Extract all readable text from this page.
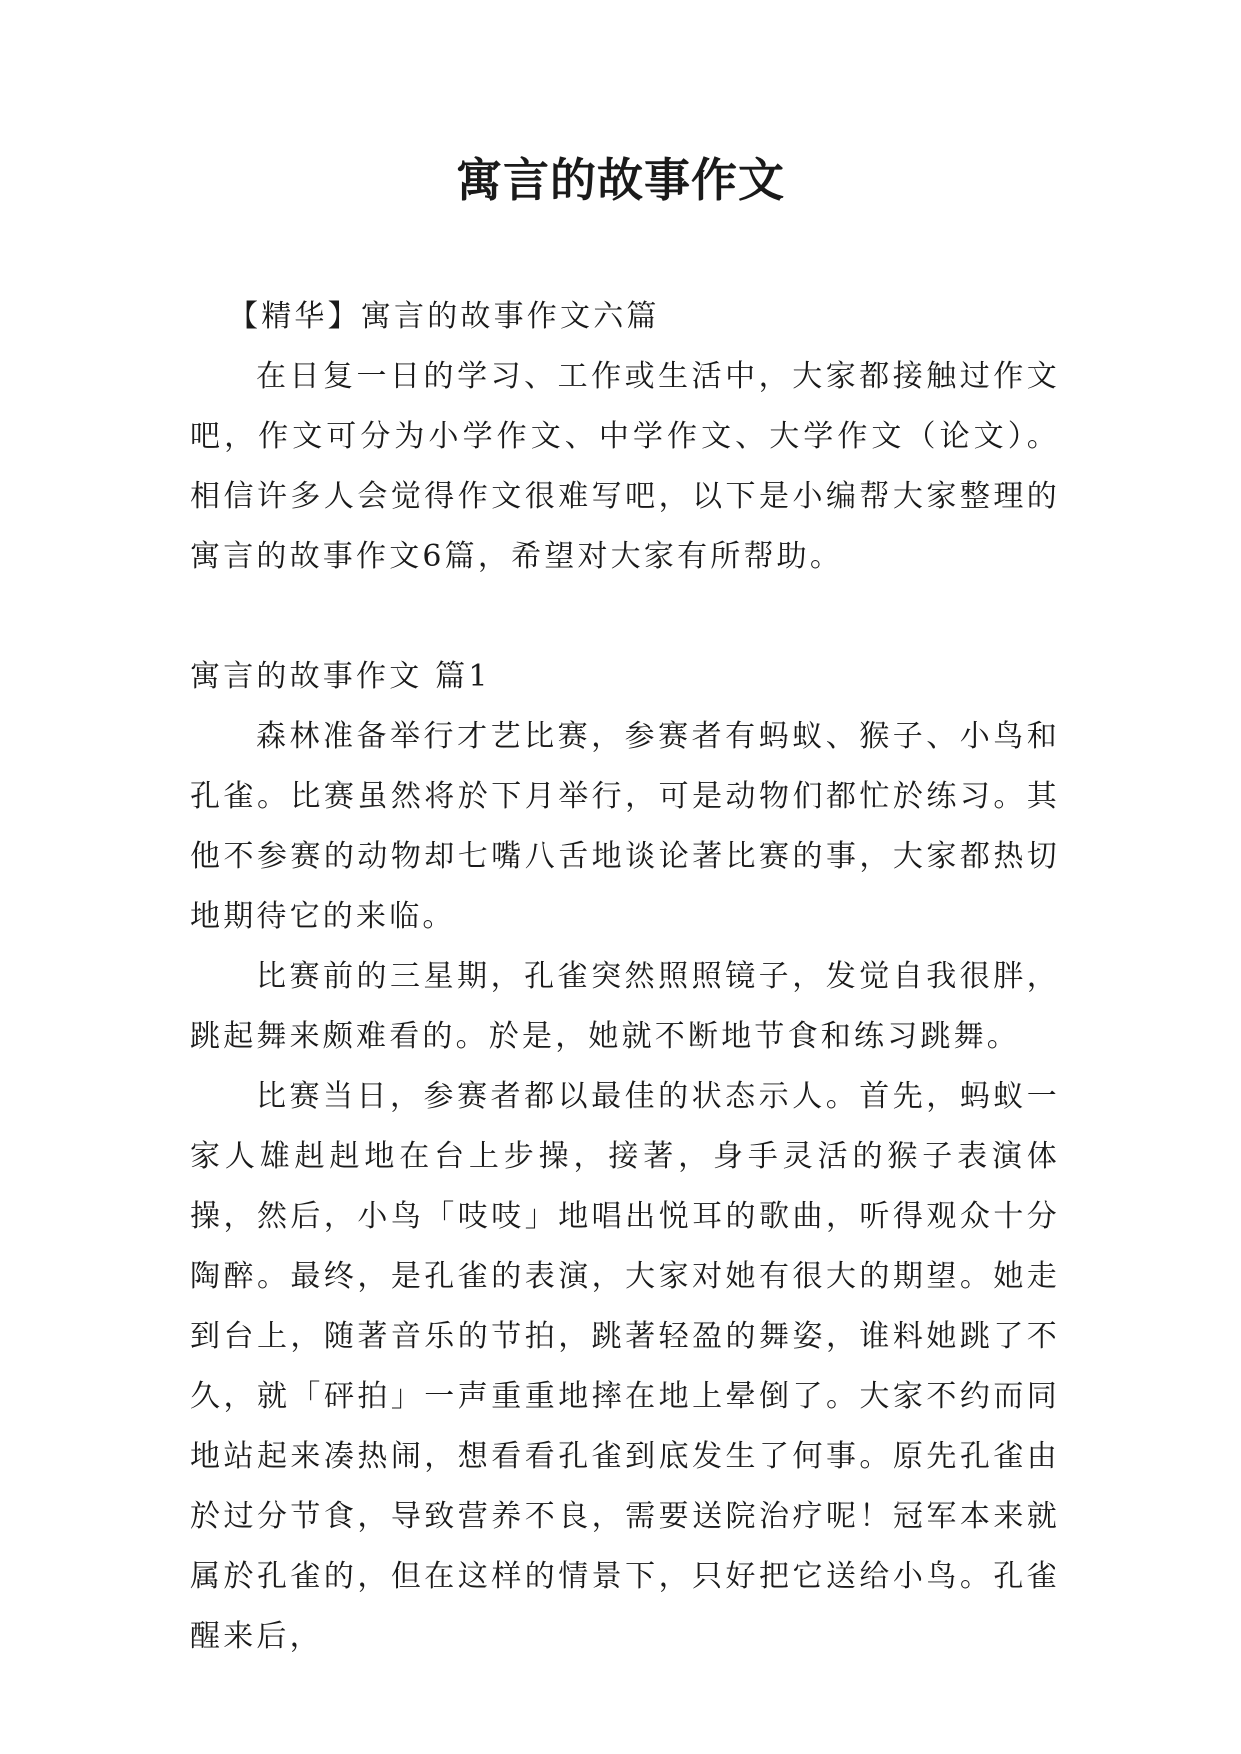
寓言的故事作文

【精华】寓言的故事作文六篇

在日复一日的学习、工作或生活中，大家都接触过作文吧，作文可分为小学作文、中学作文、大学作文（论文）。相信许多人会觉得作文很难写吧，以下是小编帮大家整理的寓言的故事作文6篇，希望对大家有所帮助。

寓言的故事作文 篇1

森林准备举行才艺比赛，参赛者有蚂蚁、猴子、小鸟和孔雀。比赛虽然将於下月举行，可是动物们都忙於练习。其他不参赛的动物却七嘴八舌地谈论著比赛的事，大家都热切地期待它的来临。

比赛前的三星期，孔雀突然照照镜子，发觉自我很胖，跳起舞来颇难看的。於是，她就不断地节食和练习跳舞。

比赛当日，参赛者都以最佳的状态示人。首先，蚂蚁一家人雄赳赳地在台上步操，接著，身手灵活的猴子表演体操，然后，小鸟「吱吱」地唱出悦耳的歌曲，听得观众十分陶醉。最终，是孔雀的表演，大家对她有很大的期望。她走到台上，随著音乐的节拍，跳著轻盈的舞姿，谁料她跳了不久，就「砰拍」一声重重地摔在地上晕倒了。大家不约而同地站起来凑热闹，想看看孔雀到底发生了何事。原先孔雀由於过分节食，导致营养不良，需要送院治疗呢！冠军本来就属於孔雀的，但在这样的情景下，只好把它送给小鸟。孔雀醒来后，
